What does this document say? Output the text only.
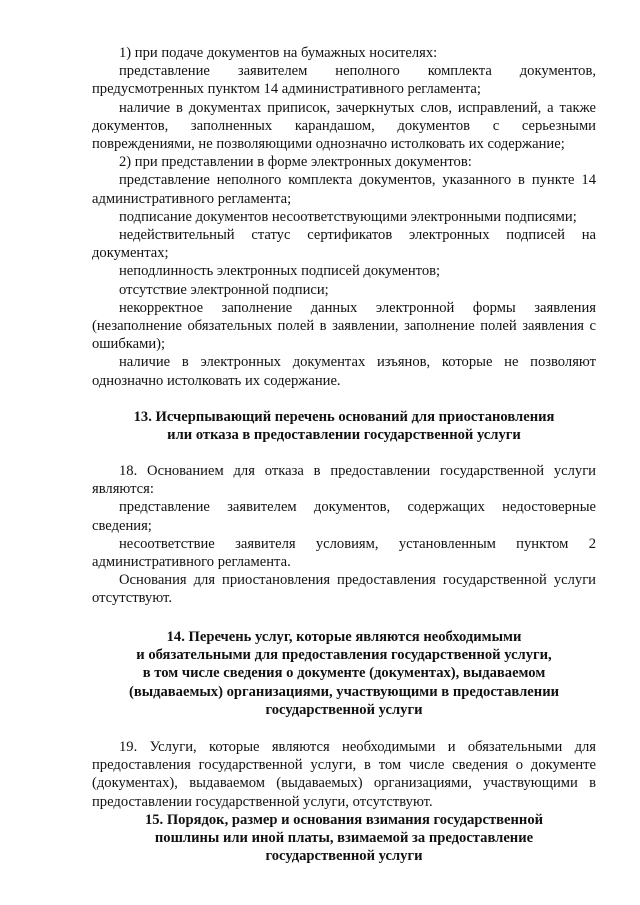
1) при подаче документов на бумажных носителях:

представление заявителем неполного комплекта документов, предусмотренных пунктом 14 административного регламента;

наличие в документах приписок, зачеркнутых слов, исправлений, а также документов, заполненных карандашом, документов с серьезными повреждениями, не позволяющими однозначно истолковать их содержание;

2) при представлении в форме электронных документов:

представление неполного комплекта документов, указанного в пункте 14 административного регламента;

подписание документов несоответствующими электронными подписями;

недействительный статус сертификатов электронных подписей на документах;

неподлинность электронных подписей документов;

отсутствие электронной подписи;

некорректное заполнение данных электронной формы заявления (незаполнение обязательных полей в заявлении, заполнение полей заявления с ошибками);

наличие в электронных документах изъянов, которые не позволяют однозначно истолковать их содержание.

13. Исчерпывающий перечень оснований для приостановления

или отказа в предоставлении государственной услуги

18. Основанием для отказа в предоставлении государственной услуги являются:

представление заявителем документов, содержащих недостоверные сведения;

несоответствие заявителя условиям, установленным пунктом 2 административного регламента.

Основания для приостановления предоставления государственной услуги отсутствуют.

14. Перечень услуг, которые являются необходимыми

и обязательными для предоставления государственной услуги,

в том числе сведения о документе (документах), выдаваемом

(выдаваемых) организациями, участвующими в предоставлении

государственной услуги

19. Услуги, которые являются необходимыми и обязательными для предоставления государственной услуги, в том числе сведения о документе (документах), выдаваемом (выдаваемых) организациями, участвующими в предоставлении государственной услуги, отсутствуют.

15. Порядок, размер и основания взимания государственной

пошлины или иной платы, взимаемой за предоставление

государственной услуги
